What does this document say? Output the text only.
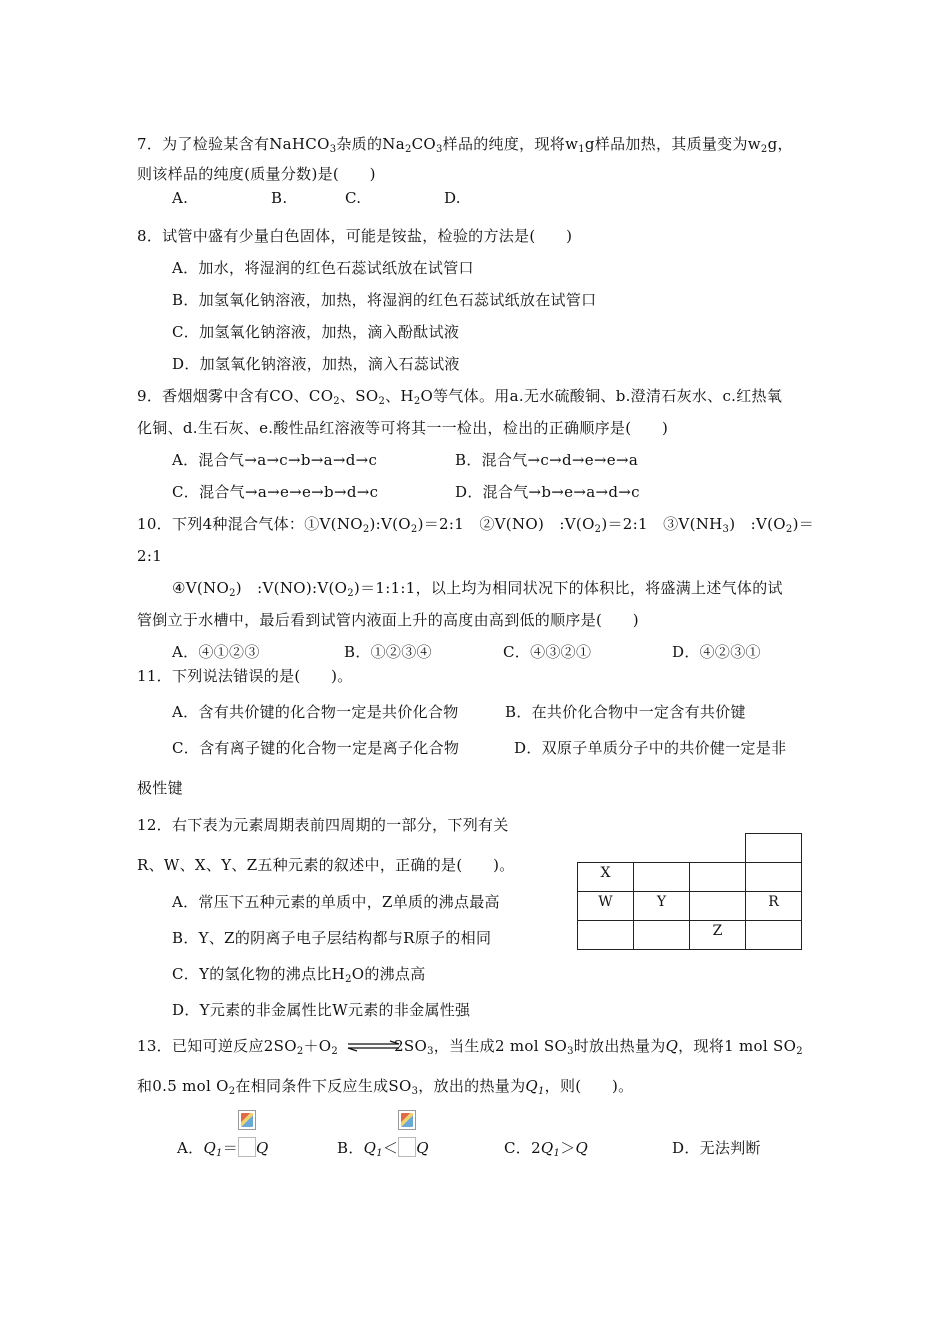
7．为了检验某含有NaHCO$_3$杂质的$Na_2CO_3$样品的纯度，现将$w_1g$样品加热，其质量变为$w_2g$，
则该样品的纯度(质量分数)是(　　)
A.	B.	C.	D.
8．试管中盛有少量白色固体，可能是铵盐，检验的方法是(　　)
A．加水，将湿润的红色石蕊试纸放在试管口
B．加氢氧化钠溶液，加热，将湿润的红色石蕊试纸放在试管口
C．加氢氧化钠溶液，加热，滴入酚酞试液
D．加氢氧化钠溶液，加热，滴入石蕊试液
9．香烟烟雾中含有CO、$CO_2$、$SO_2$、$H_2O$等气体。用a.无水硫酸铜、b.澄清石灰水、c.红热氧
化铜、d.生石灰、e.酸性品红溶液等可将其一一检出，检出的正确顺序是(　　)
A．混合气→a→c→b→a→d→c	B．混合气→c→d→e→e→a
C．混合气→a→e→e→b→d→c	D．混合气→b→e→a→d→c
10．下列4种混合气体：$①V(NO_2):V(O_2)=2:1$　②V(NO)　$:V(O_2)=2:1$　$③V(NH_3)$　$:V(O_2)=$
2:1
$④V(NO_2)$　$:V(NO):V(O_2)=1:1:1$，以上均为相同状况下的体积比，将盛满上述气体的试
管倒立于水槽中，最后看到试管内液面上升的高度由高到低的顺序是(　　)
A．④①②③	B．①②③④	C．④③②①	D．④②③①
11．下列说法错误的是(　　)。
A．含有共价键的化合物一定是共价化合物	B．在共价化合物中一定含有共价键
C．含有离子键的化合物一定是离子化合物	D．双原子单质分子中的共价健一定是非
极性键
12．右下表为元素周期表前四周期的一部分，下列有关
R、W、X、Y、Z五种元素的叙述中，正确的是(　　)。
A．常压下五种元素的单质中，Z单质的沸点最高
B．Y、Z的阴离子电子层结构都与R原子的相同
C．Y的氢化物的沸点比$H_2O$的沸点高
D．Y元素的非金属性比W元素的非金属性强

X			
W	Y		R
		Z	
13．已知可逆反应$2SO_2+O_2$	$2SO_3$，当生成2 mol $SO_3$时放出热量为Q，现将1 mol $SO_2$
和0.5 mol $O_2$在相同条件下反应生成$SO_3$，放出的热量为$Q_1$，则(　　)。
A．$Q_1= Q$	B．$Q_1< Q$	C．$2Q_1>Q$	D．无法判断
